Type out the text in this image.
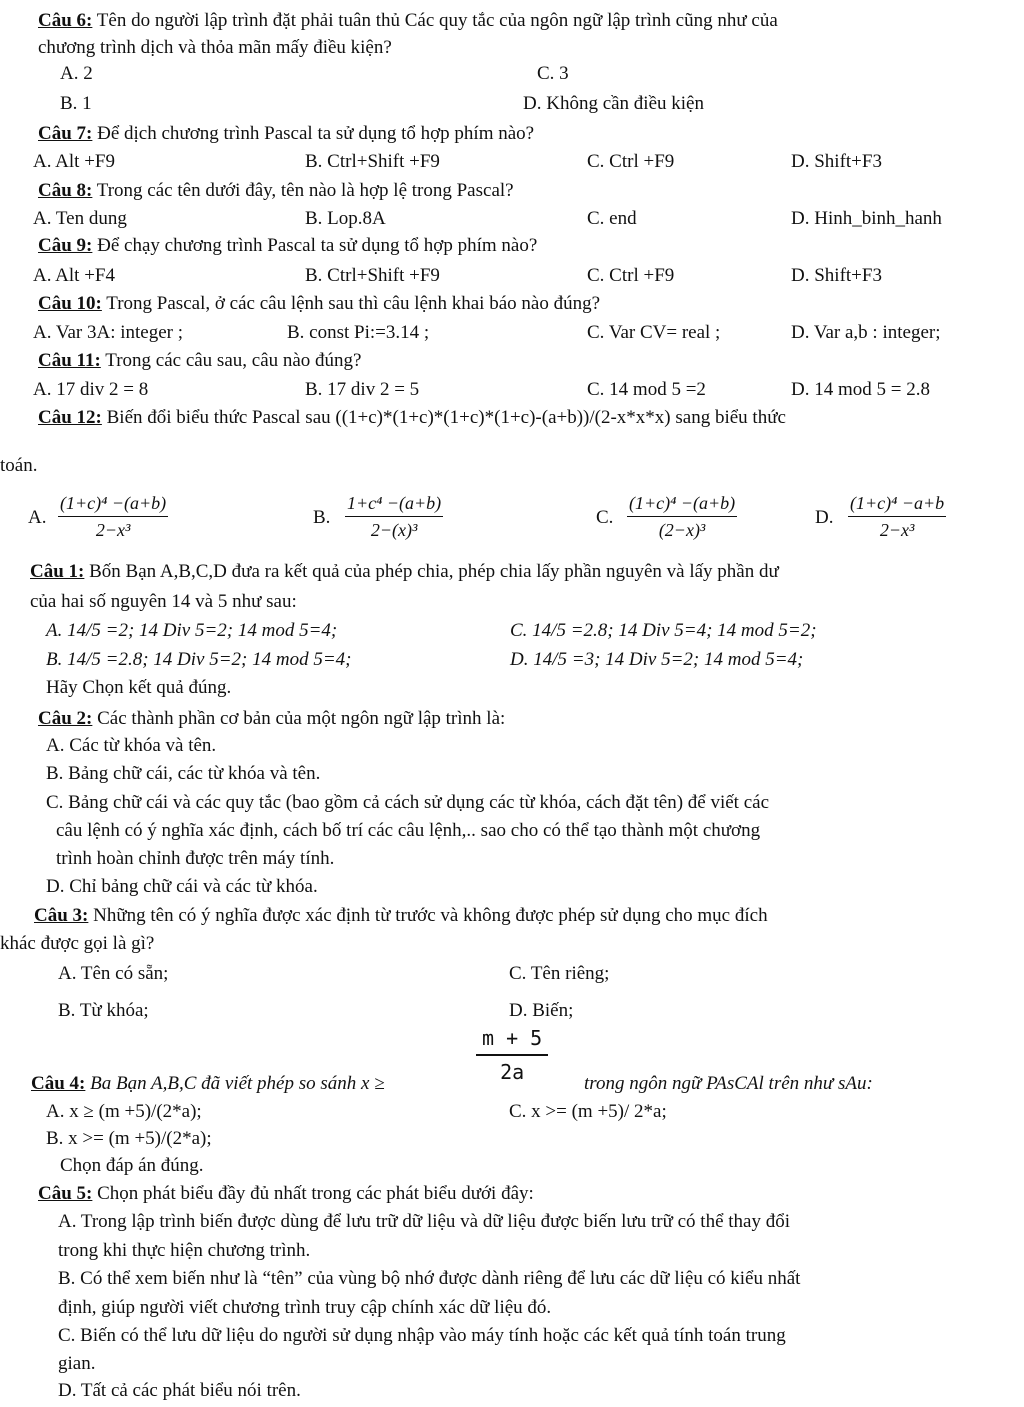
Câu 6: Tên do người lập trình đặt phải tuân thủ Các quy tắc của ngôn ngữ lập trình cũng như của
chương trình dịch và thỏa mãn mấy điều kiện?
A. 2	C. 3
B. 1	D. Không cần điều kiện
Câu 7: Để dịch chương trình Pascal ta sử dụng tổ hợp phím nào?
A. Alt +F9	B. Ctrl+Shift +F9	C. Ctrl +F9	D. Shift+F3
Câu 8: Trong các tên dưới đây, tên nào là hợp lệ trong Pascal?
A. Ten dung	B. Lop.8A	C. end	D. Hinh_binh_hanh
Câu 9: Để chạy chương trình Pascal ta sử dụng tổ hợp phím nào?
A. Alt +F4	B. Ctrl+Shift +F9	C. Ctrl +F9	D. Shift+F3
Câu 10: Trong Pascal, ở các câu lệnh sau thì câu lệnh khai báo nào đúng?
A. Var 3A: integer ;	B. const Pi:=3.14 ;	C. Var CV= real ;	D. Var a,b : integer;
Câu 11: Trong các câu sau, câu nào đúng?
A. 17 div 2 = 8	B. 17 div 2 = 5	C. 14 mod 5 =2	D. 14 mod 5 = 2.8
Câu 12: Biến đổi biểu thức Pascal sau ((1+c)*(1+c)*(1+c)*(1+c)-(a+b))/(2-x*x*x) sang biểu thức
toán.
A. $\frac{\text{(1+c)⁴ −(a+b)}}{\text{2−x³}}$	B. $\frac{\text{1+c⁴ −(a+b)}}{\text{2−(x)³}}$	C. $\frac{\text{(1+c)⁴ −(a+b)}}{\text{(2−x)³}}$	D. $\frac{\text{(1+c)⁴ −a+b}}{\text{2−x³}}$
Câu 1: Bốn Bạn A,B,C,D đưa ra kết quả của phép chia, phép chia lấy phần nguyên và lấy phần dư
của hai số nguyên 14 và 5 như sau:
A. 14/5 =2; 14 Div 5=2; 14 mod 5=4;	C. 14/5 =2.8; 14 Div 5=4; 14 mod 5=2;
B. 14/5 =2.8; 14 Div 5=2; 14 mod 5=4;	D. 14/5 =3; 14 Div 5=2; 14 mod 5=4;
Hãy Chọn kết quả đúng.
Câu 2: Các thành phần cơ bản của một ngôn ngữ lập trình là:
A. Các từ khóa và tên.
B. Bảng chữ cái, các từ khóa và tên.
C. Bảng chữ cái và các quy tắc (bao gồm cả cách sử dụng các từ khóa, cách đặt tên) để viết các
câu lệnh có ý nghĩa xác định, cách bố trí các câu lệnh,.. sao cho có thể tạo thành một chương
trình hoàn chỉnh được trên máy tính.
D. Chỉ bảng chữ cái và các từ khóa.
Câu 3: Những tên có ý nghĩa được xác định từ trước và không được phép sử dụng cho mục đích
khác được gọi là gì?
A. Tên có sẵn;	C. Tên riêng;
B. Từ khóa;	D. Biến;
Câu 4: Ba Bạn A,B,C đã viết phép so sánh x ≥	$\frac{m + 5}{2a}$ trong ngôn ngữ PAsCAl trên như sAu:
A. x ≥ (m +5)/(2*a);	C. x >= (m +5)/ 2*a;
B. x >= (m +5)/(2*a);
Chọn đáp án đúng.
Câu 5: Chọn phát biểu đầy đủ nhất trong các phát biểu dưới đây:
A. Trong lập trình biến được dùng để lưu trữ dữ liệu và dữ liệu được biến lưu trữ có thể thay đổi
trong khi thực hiện chương trình.
B. Có thể xem biến như là “tên” của vùng bộ nhớ được dành riêng để lưu các dữ liệu có kiểu nhất
định, giúp người viết chương trình truy cập chính xác dữ liệu đó.
C. Biến có thể lưu dữ liệu do người sử dụng nhập vào máy tính hoặc các kết quả tính toán trung
gian.
D. Tất cả các phát biểu nói trên.
